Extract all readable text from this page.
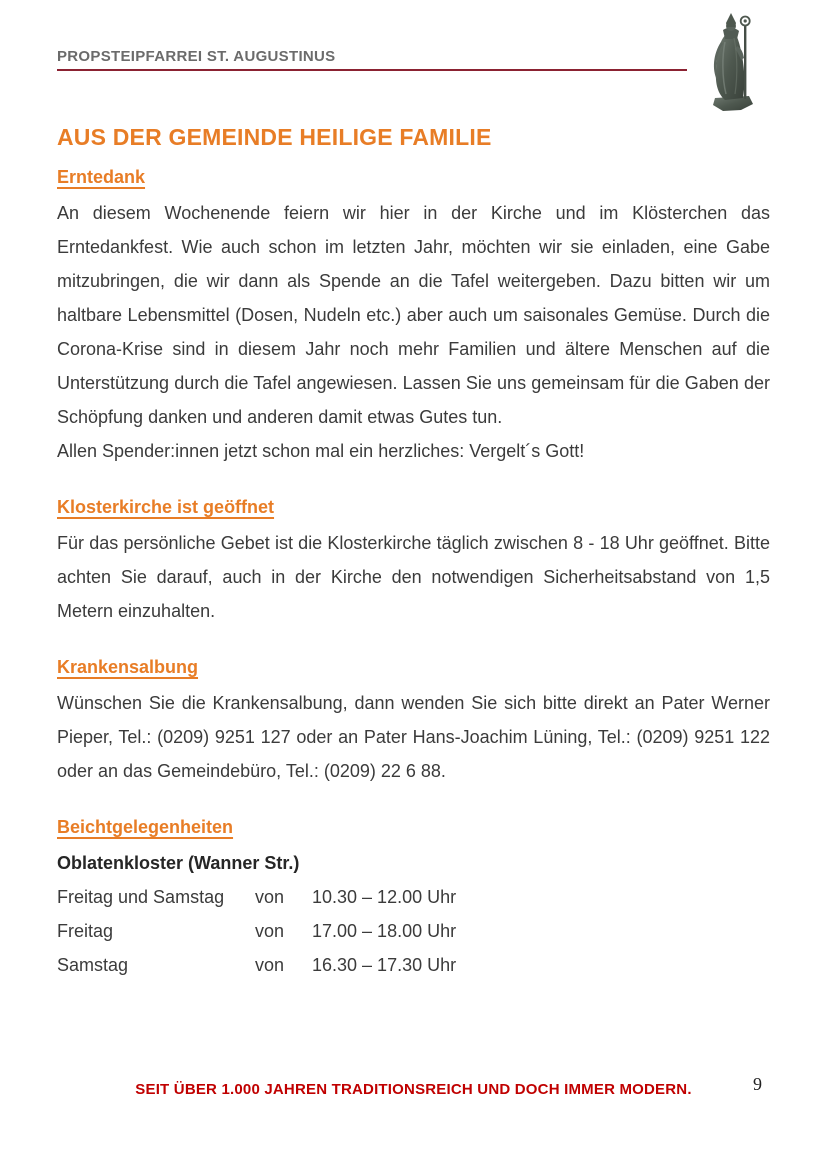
PROPSTEIPFARREI ST. AUGUSTINUS
AUS DER GEMEINDE HEILIGE FAMILIE
Erntedank

An diesem Wochenende feiern wir hier in der Kirche und im Klösterchen das Erntedankfest. Wie auch schon im letzten Jahr, möchten wir sie einladen, eine Gabe mitzubringen, die wir dann als Spende an die Tafel weitergeben. Dazu bitten wir um haltbare Lebensmittel (Dosen, Nudeln etc.) aber auch um saisonales Gemüse. Durch die Corona-Krise sind in diesem Jahr noch mehr Familien und ältere Menschen auf die Unterstützung durch die Tafel angewiesen. Lassen Sie uns gemeinsam für die Gaben der Schöpfung danken und anderen damit etwas Gutes tun.

Allen Spender:innen jetzt schon mal ein herzliches: Vergelt´s Gott!

Klosterkirche ist geöffnet

Für das persönliche Gebet ist die Klosterkirche täglich zwischen 8 - 18 Uhr geöffnet. Bitte achten Sie darauf, auch in der Kirche den notwendigen Sicherheitsabstand von 1,5 Metern einzuhalten.

Krankensalbung

Wünschen Sie die Krankensalbung, dann wenden Sie sich bitte direkt an Pater Werner Pieper, Tel.: (0209) 9251 127 oder an Pater Hans-Joachim Lüning, Tel.: (0209) 9251 122 oder an das Gemeindebüro, Tel.: (0209) 22 6 88.

Beichtgelegenheiten

Oblatenkloster (Wanner Str.)

Freitag und Samstag	von	10.30 – 12.00 Uhr
Freitag	von	17.00 – 18.00 Uhr
Samstag	von	16.30 – 17.30 Uhr
SEIT ÜBER 1.000 JAHREN TRADITIONSREICH UND DOCH IMMER MODERN.	9
